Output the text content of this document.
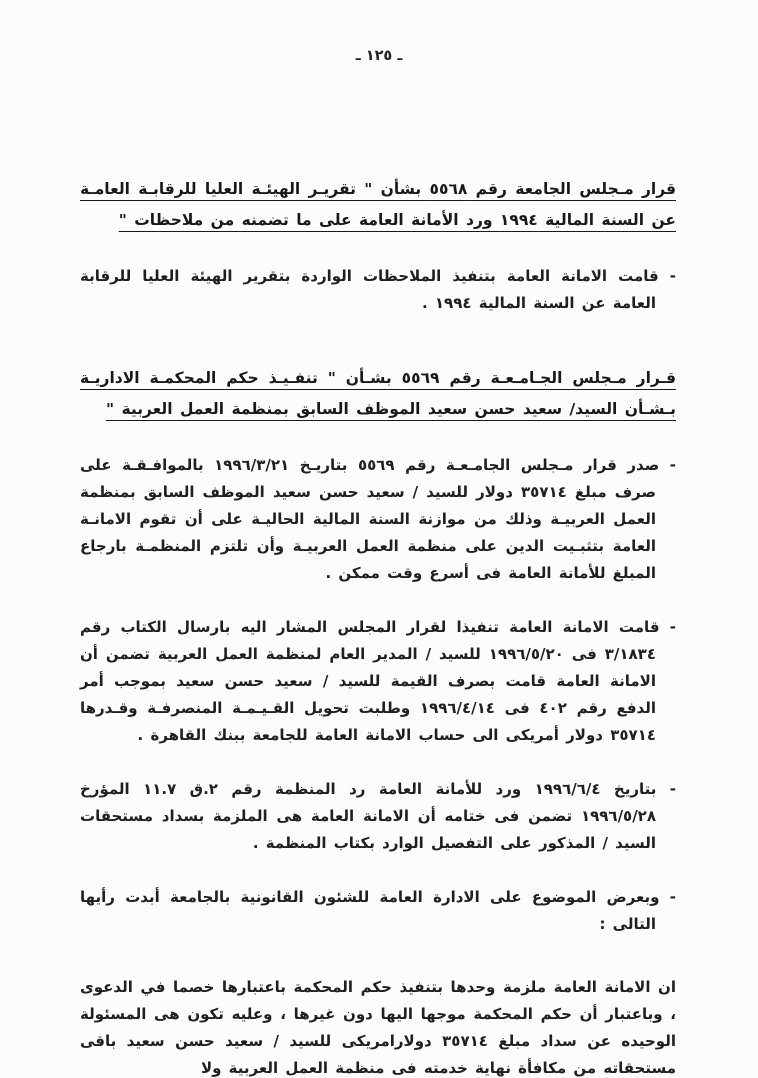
ـ ١٢٥ ـ
قرار مـجلس الجامعة رقم ٥٥٦٨ بشأن " تقريـر الهيئـة العليا للرقابـة العامـة عن السنة المالية ١٩٩٤ ورد الأمانة العامة على ما تضمنه من ملاحظات "

- قامت الامانة العامة بتنفيذ الملاحظات الواردة بتقرير الهيئة العليا للرقابة العامة عن السنة المالية ١٩٩٤ .

قـرار مـجلس الجـامـعـة رقم ٥٥٦٩ بشـأن " تنفـيـذ حكم المحكمـة الاداريـة بـشـأن السيد/ سعيد حسن سعيد الموظف السابق بمنظمة العمل العربية "

- صدر قرار مـجلس الجامـعـة رقم ٥٥٦٩ بتاريـخ ١٩٩٦/٣/٢١ بالموافـقـة على صرف مبلغ ٣٥٧١٤ دولار للسيد / سعيد حسن سعيد الموظف السابق بمنظمة العمل العربيـة وذلك من موازنة السنة المالية الحاليـة على أن تقوم الامانـة العامة بتثبـيت الدين على منظمة العمل العربيـة وأن تلتزم المنظمـة بارجاع المبلغ للأمانة العامة فى أسرع وقت ممكن .

- قامت الامانة العامة تنفيذا لقرار المجلس المشار اليه بارسال الكتاب رقم ٣/١٨٣٤ فى ١٩٩٦/٥/٢٠ للسيد / المدير العام لمنظمة العمل العربية تضمن أن الامانة العامة قامت بصرف القيمة للسيد / سعيد حسن سعيد بموجب أمر الدفع رقم ٤٠٢ فى ١٩٩٦/٤/١٤ وطلبت تحويل القـيـمـة المنصرفـة وقـدرها ٣٥٧١٤ دولار أمريكى الى حساب الامانة العامة للجامعة ببنك القاهرة .

- بتاريخ ١٩٩٦/٦/٤ ورد للأمانة العامة رد المنظمة رقم ٢.ق ١١.٧ المؤرخ ١٩٩٦/٥/٢٨ تضمن فى ختامه أن الامانة العامة هى الملزمة بسداد مستحقات السيد / المذكور على التفصيل الوارد بكتاب المنظمة .

- وبعرض الموضوع على الادارة العامة للشئون القانونية بالجامعة أبدت رأيها التالى :

ان الامانة العامة ملزمة وحدها بتنفيذ حكم المحكمة باعتبارها خصما في الدعوى ، وباعتبار أن حكم المحكمة موجها اليها دون غيرها ، وعليه تكون هى المسئولة الوحيده عن سداد مبلغ ٣٥٧١٤ دولارامريكى للسيد / سعيد حسن سعيد باقى مستحقاته من مكافأة نهاية خدمته فى منظمة العمل العربية ولا
